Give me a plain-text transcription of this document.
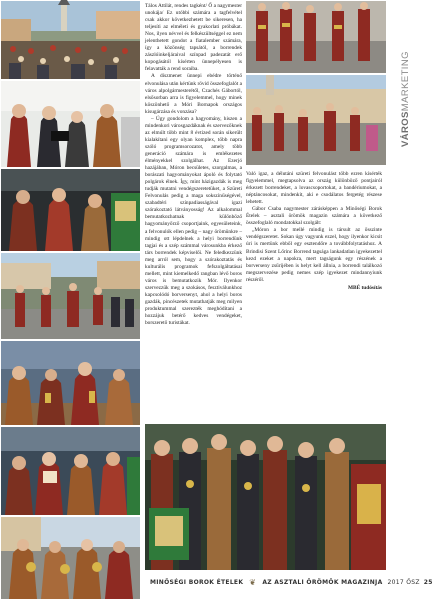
Tálos Attilát, rendes tagként/ Ő a nagymester unokája/ Ez utóbbi számára a tagfelvétel csak akkor következhetett be sikeresen, ha teljesíti az elméleti és gyakorlati próbákat. Nos, ilyen névvel és felkészültséggel ez nem jelenthetett gondot a fiatalember számára, így a közönség tapsától, a borrendek zászlóinkeljáraival színpad padezatát erő kopogásától kísérten ünnepélyesen is felavatták a rend soraiba.

A díszmenet ünnepi ebédre történő elvonulása után kértünk rövid összefoglalót a város alpolgármesterétől, Czachés Gábortól, elsősorban arra is figyelemmel, hogy minek köszönhető a Móri Bornapok országos kisugárzása és vonzása?

– Úgy gondolom a hagyomány, hiszen a mindenkori városgazdáknak és szervezőknek az elmúlt több mint 8 évtized során sikerült kialakítani egy olyan komplex, több napra szóló programsorozatot, amely több generáció számára is emlékezetes élményekkel szolgálhat. Az Ezerjó hazájában, Móron becsületes, szorgalmas, a borászati hagyományokat ápoló és folytató polgárok élnek. Így, mint házigazdák is meg tudják mutatni vendégszeretetüket, a Szüreti Felvonulás pedig a maga sokszínűségével, szabadtéri színpadiasságával igazi szórakoztató látványosság! Az alkalommal bemutatkozhatnak különböző hagyományőrző csoportjaink, egyesületeink, a felvonulók ellen pedig – nagy örömünkre – mindig ott lépdelnek a helyi borrendünk tagjai és a szép számmal városunkba érkező társ borrendek képviselői. Ne feledkezzünk meg arról sem, hogy a szórakoztatás és kulturális programok fefszolgáltatásai mellett, mint kiemelkedő rangban lévő boros város is bemutatkozik Mór. Ilyenkor szervezzük meg a szokásos, fesztiválunkhoz kapcsolódó borversenyt, ahol a helyi boros gazdák, pincészetek mutathatják meg milyen produktummal szerezték meghódítani a hozzájuk betérő kedves vendégeket, borszerető turistákat.

Való igaz, a délutáni szüreti felvonulást több ezren kísérték figyelemmel, megtapsolva az ország különböző pontjairól érkezett borrendeket, a lovascsoportokat, a bandériumokat, a néptáncosokat, mindenkit, aki e csodálatos fergetég részese lehetett.

Gábor Csaba nagymester zárásképpen a Minőségi Borok Ételek – asztali örömök magazin számára a következő összefoglaló mondatokkal szolgált:

„Móron a bor mellé mindig is társult az ősszinte vendégszeretet. Sokan úgy vagyunk ezzel, hogy ilyenkor kicsit úri is mertünk ebből egy esztendőre a továbbfolytatáshoz. A Brindisi Szent Lőrinc Borrend tagsága lankadatlan igyekezettel kezd ezeket a napokra, mert tagságunk egy részének a borverseny zsűrijében is helyt kell állnia, a borrendi találkozó megszervezése pedig nemes szép igyekezet mindannyiunk részéről.

MBÉ tudósítás

VÁROSMARKETING
MINŐSÉGI BOROK ÉTELEK ❦ AZ ASZTALI ÖRÖMÖK MAGAZINJA 2017 ŐSZ 25
